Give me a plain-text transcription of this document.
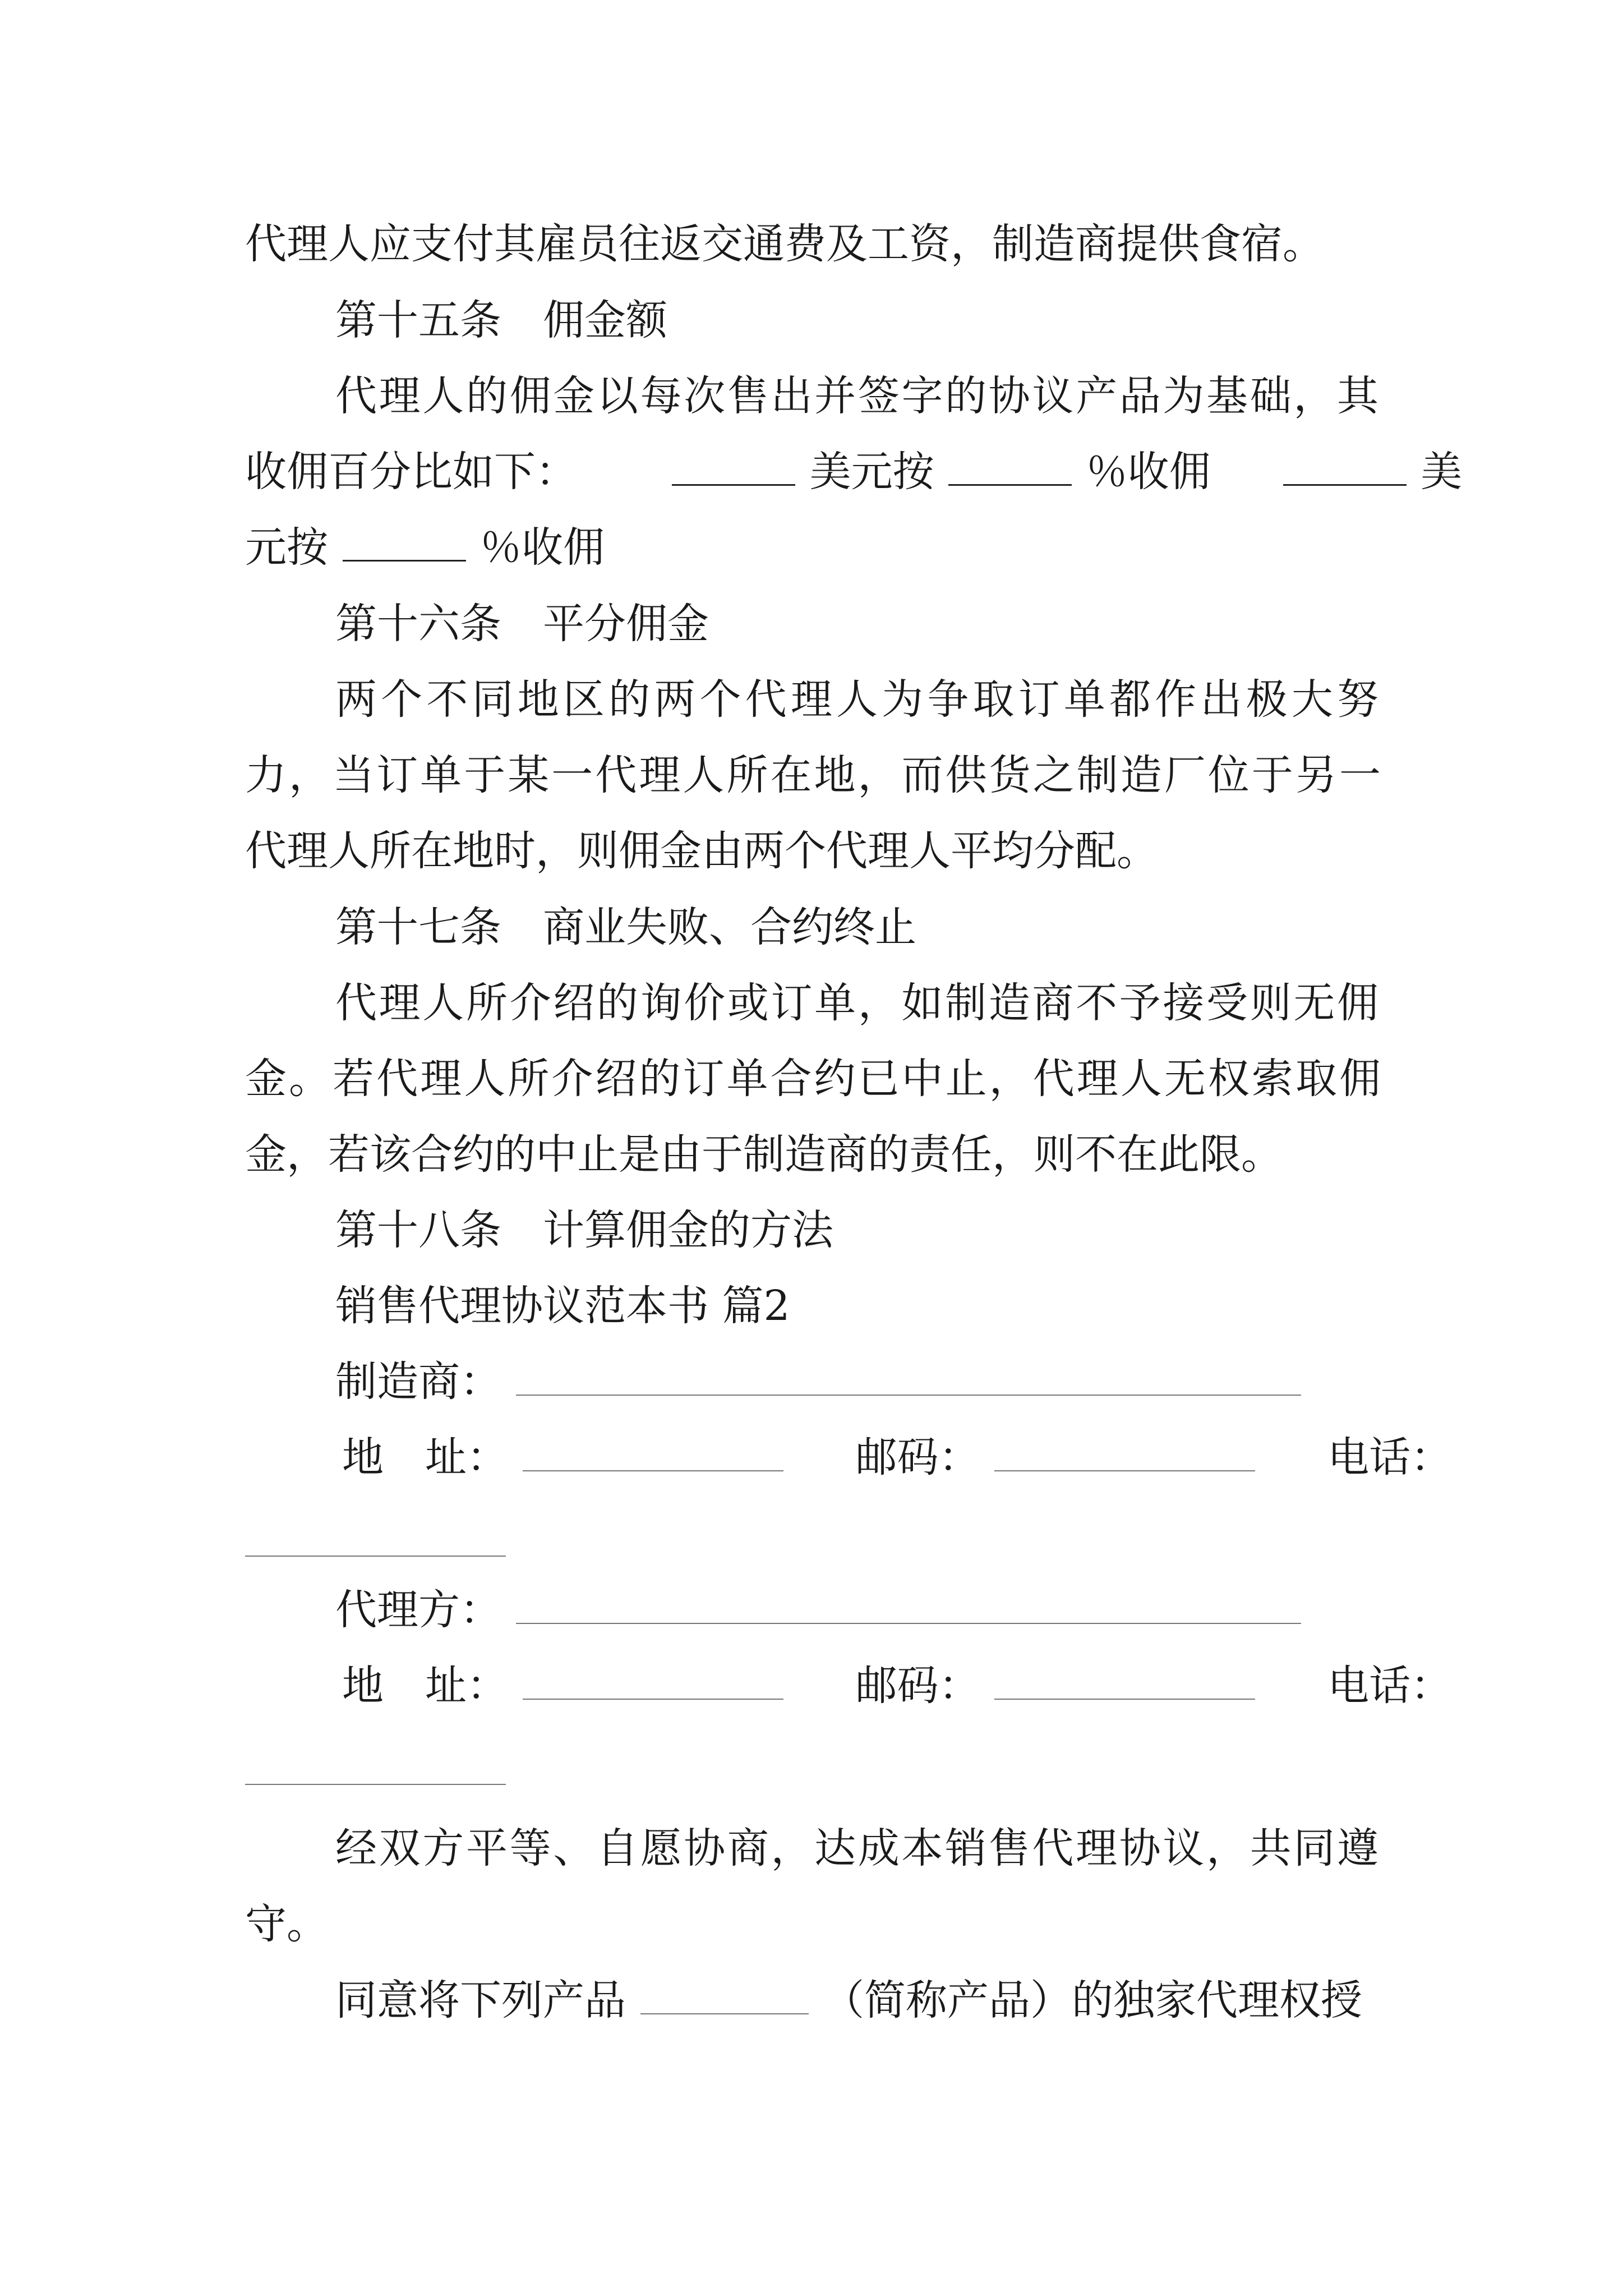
代理人应支付其雇员往返交通费及工资，制造商提供食宿。
第十五条　佣金额
代理人的佣金以每次售出并签字的协议产品为基础，其
收佣百分比如下：	美元按	％收佣	美
元按	％收佣
第十六条　平分佣金
两个不同地区的两个代理人为争取订单都作出极大努
力，当订单于某一代理人所在地，而供货之制造厂位于另一
代理人所在地时，则佣金由两个代理人平均分配。
第十七条　商业失败、合约终止
代理人所介绍的询价或订单，如制造商不予接受则无佣
金。若代理人所介绍的订单合约已中止，代理人无权索取佣
金，若该合约的中止是由于制造商的责任，则不在此限。
第十八条　计算佣金的方法
销售代理协议范本书 篇2
制造商：
地　址：	邮码：	电话：
代理方：
地　址：	邮码：	电话：
经双方平等、自愿协商，达成本销售代理协议，共同遵
守。
同意将下列产品	（简称产品）的独家代理权授
